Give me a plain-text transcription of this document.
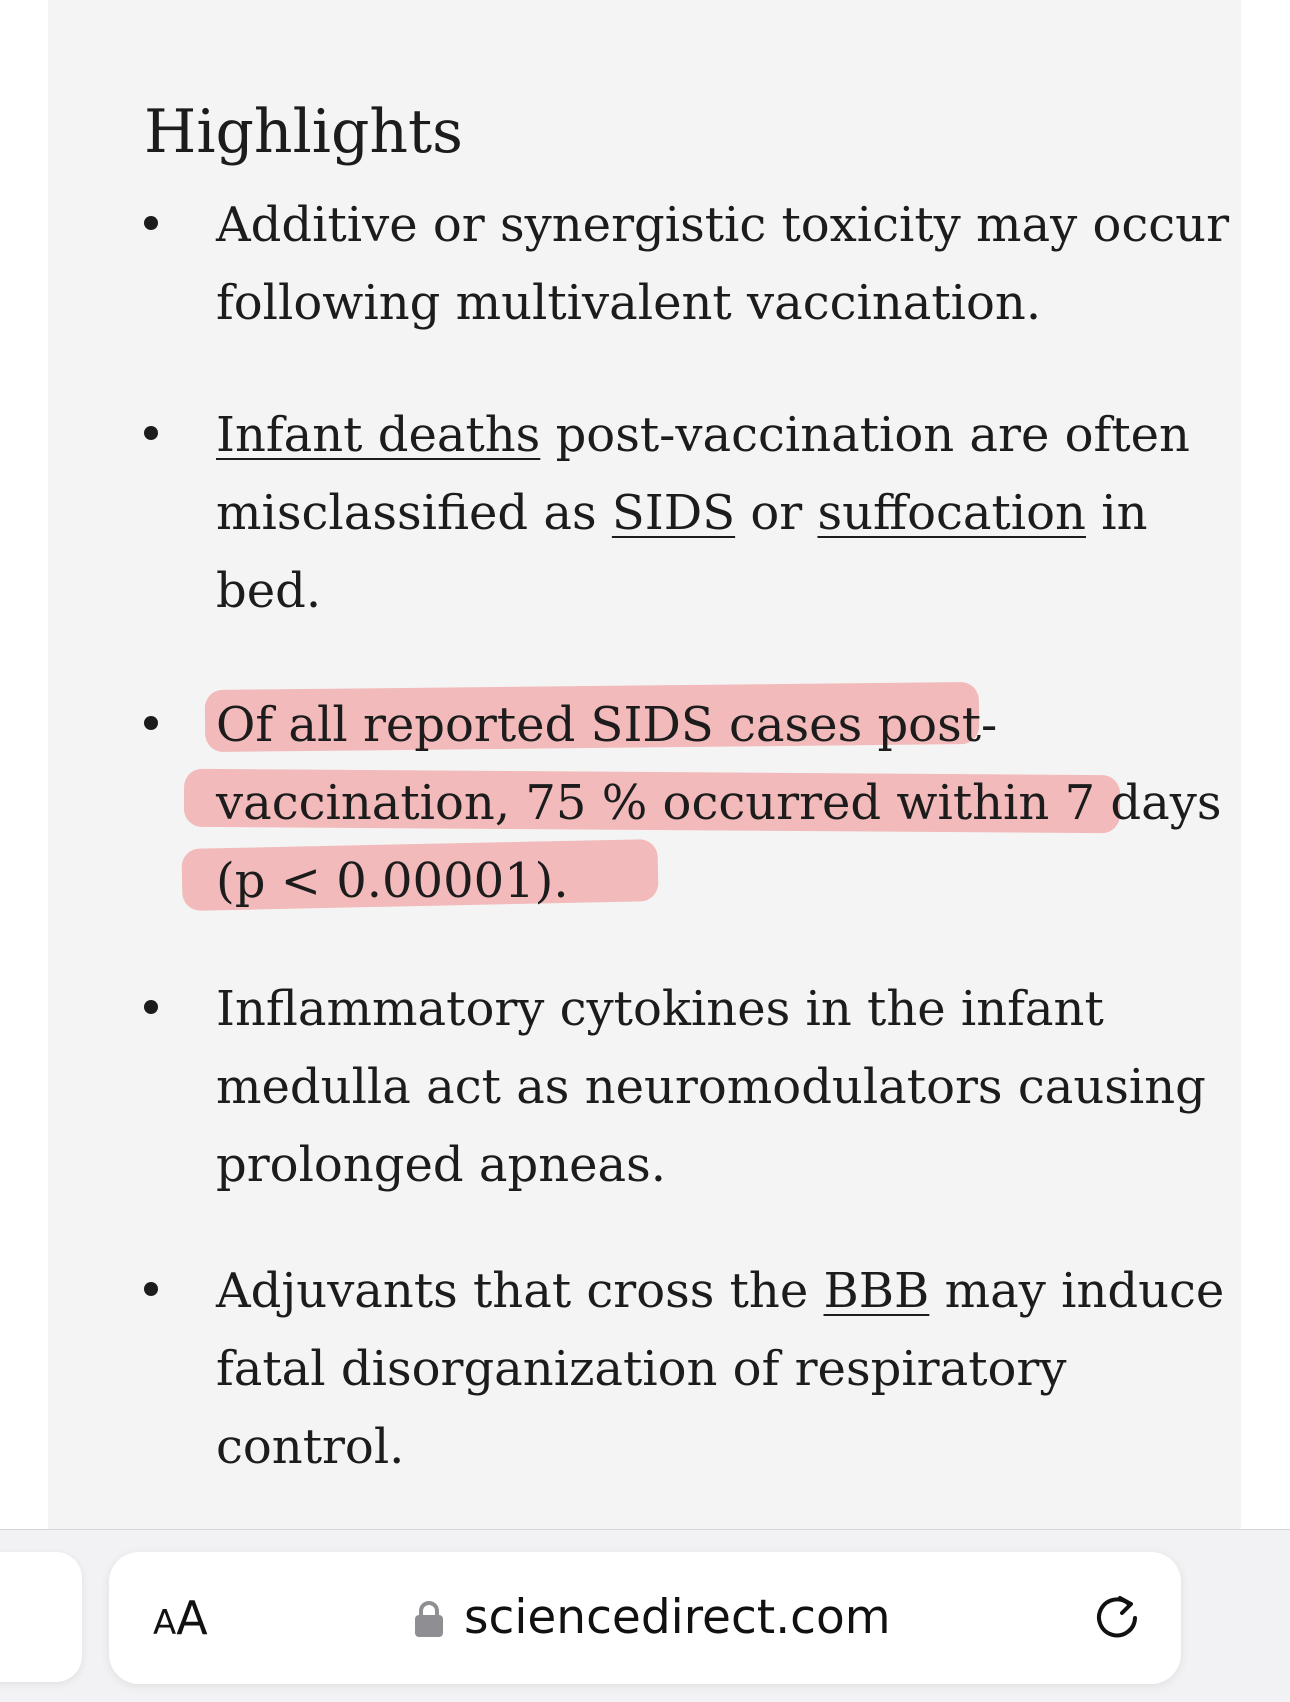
Highlights
Additive or synergistic toxicity may occur
following multivalent vaccination.
Infant deaths post-vaccination are often
misclassified as SIDS or suffocation in
bed.
Of all reported SIDS cases post-
vaccination, 75 % occurred within 7 days
(p < 0.00001).
Inflammatory cytokines in the infant
medulla act as neuromodulators causing
prolonged apneas.
Adjuvants that cross the BBB may induce
fatal disorganization of respiratory
control.
AA	sciencedirect.com
